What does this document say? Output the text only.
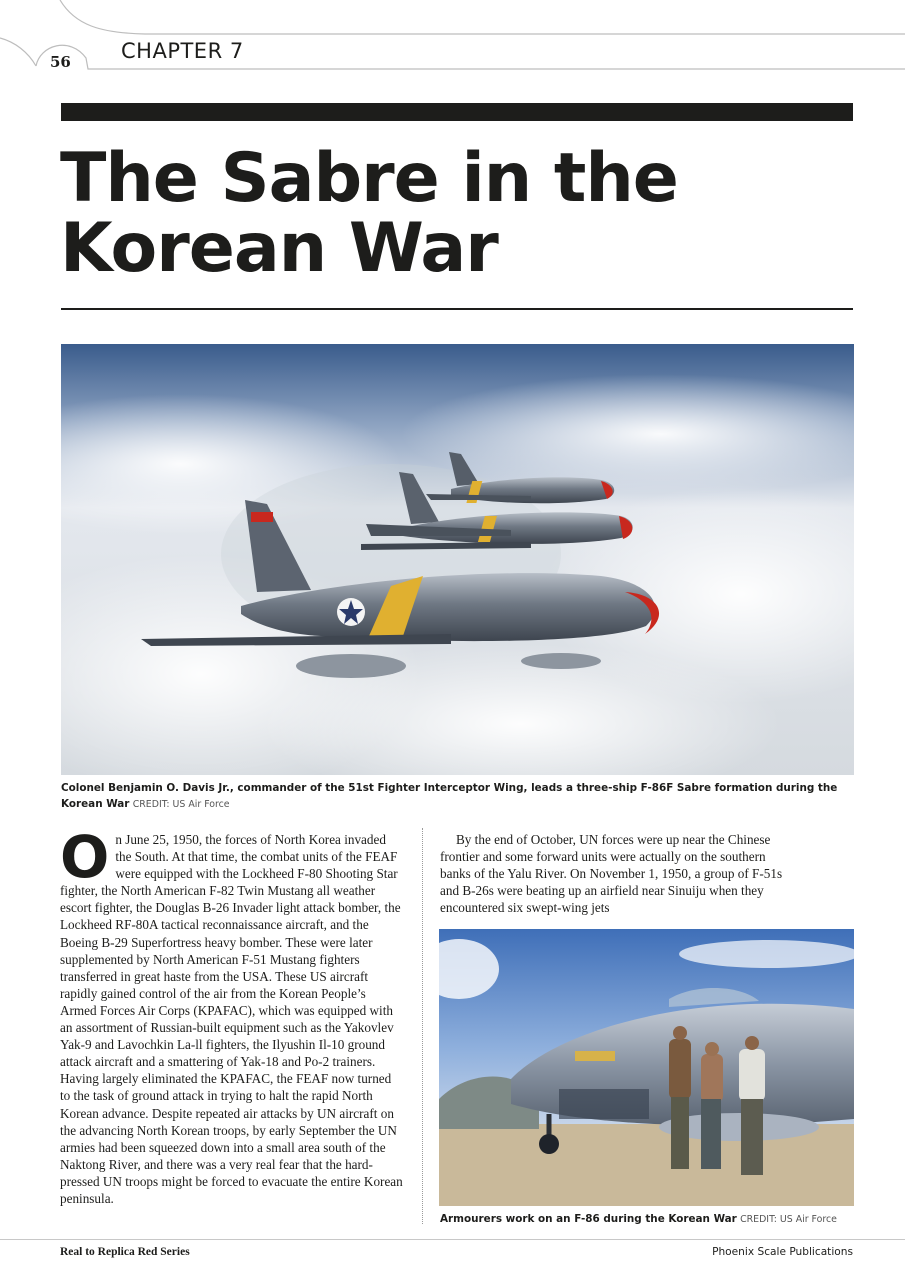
56 CHAPTER 7
The Sabre in the
Korean War
Colonel Benjamin O. Davis Jr., commander of the 51st Fighter Interceptor Wing, leads a three-ship F-86F Sabre formation during the Korean War CREDIT: US Air Force
O n June 25, 1950, the forces of North Korea invaded the South. At that time, the combat units of the FEAF were equipped with the Lockheed F-80 Shooting Star fighter, the North American F-82 Twin Mustang all weather escort fighter, the Douglas B-26 Invader light attack bomber, the Lockheed RF-80A tactical reconnaissance aircraft, and the Boeing B-29 Superfortress heavy bomber. These were later supplemented by North American F-51 Mustang fighters transferred in great haste from the USA. These US aircraft rapidly gained control of the air from the Korean People’s Armed Forces Air Corps (KPAFAC), which was equipped with an assortment of Russian-built equipment such as the Yakovlev Yak-9 and Lavochkin La-ll fighters, the Ilyushin Il-10 ground attack aircraft and a smattering of Yak-18 and Po-2 trainers. Having largely eliminated the KPAFAC, the FEAF now turned to the task of ground attack in trying to halt the rapid North Korean advance. Despite repeated air attacks by UN aircraft on the advancing North Korean troops, by early September the UN armies had been squeezed down into a small area south of the Naktong River, and there was a very real fear that the hard-pressed UN troops might be forced to evacuate the entire Korean peninsula.
By the end of October, UN forces were up near the Chinese frontier and some forward units were actually on the southern banks of the Yalu River. On November 1, 1950, a group of F-51s and B-26s were beating up an airfield near Sinuiju when they encountered six swept-wing jets
Armourers work on an F-86 during the Korean War CREDIT: US Air Force
Real to Replica Red Series	Phoenix Scale Publications
